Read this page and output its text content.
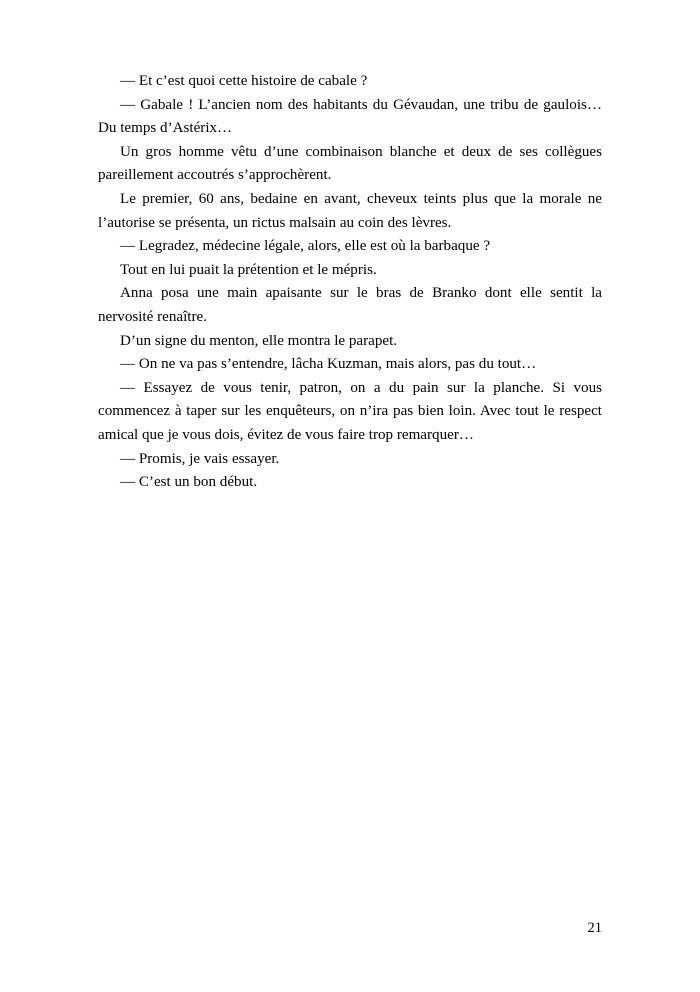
— Et c’est quoi cette histoire de cabale ?

— Gabale ! L’ancien nom des habitants du Gévaudan, une tribu de gaulois… Du temps d’Astérix…

Un gros homme vêtu d’une combinaison blanche et deux de ses collègues pareillement accoutrés s’approchèrent.

Le premier, 60 ans, bedaine en avant, cheveux teints plus que la morale ne l’autorise se présenta, un rictus malsain au coin des lèvres.

— Legradez, médecine légale, alors, elle est où la barbaque ?

Tout en lui puait la prétention et le mépris.

Anna posa une main apaisante sur le bras de Branko dont elle sentit la nervosité renaître.

D’un signe du menton, elle montra le parapet.

— On ne va pas s’entendre, lâcha Kuzman, mais alors, pas du tout…

— Essayez de vous tenir, patron, on a du pain sur la planche. Si vous commencez à taper sur les enquêteurs, on n’ira pas bien loin. Avec tout le respect amical que je vous dois, évitez de vous faire trop remarquer…

— Promis, je vais essayer.

— C’est un bon début.

21
